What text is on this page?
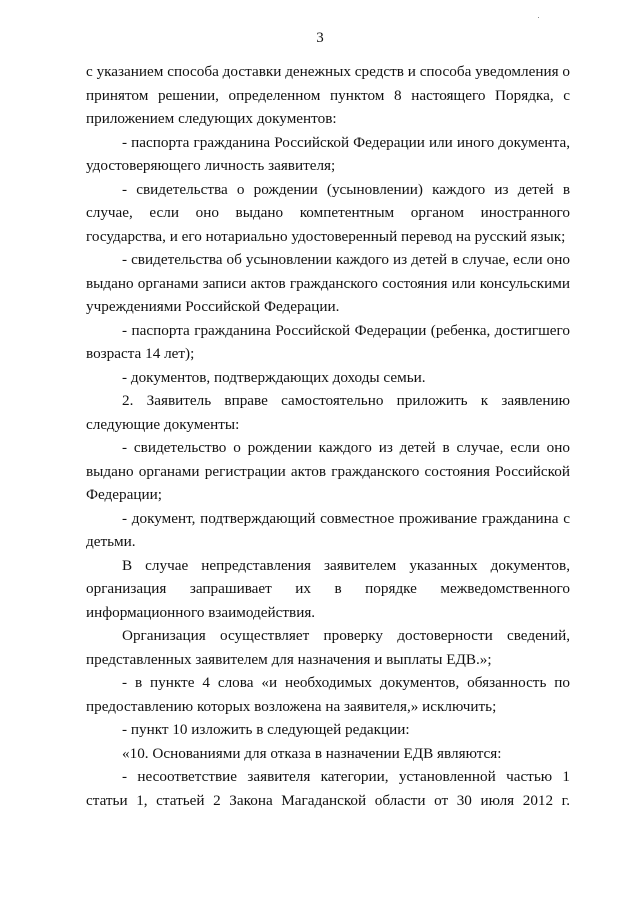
3

с указанием способа доставки денежных средств и способа уведомления о принятом решении, определенном пунктом 8 настоящего Порядка, с приложением следующих документов:

- паспорта гражданина Российской Федерации или иного документа, удостоверяющего личность заявителя;

- свидетельства о рождении (усыновлении) каждого из детей в случае, если оно выдано компетентным органом иностранного государства, и его нотариально удостоверенный перевод на русский язык;

- свидетельства об усыновлении каждого из детей в случае, если оно выдано органами записи актов гражданского состояния или консульскими учреждениями Российской Федерации.

- паспорта гражданина Российской Федерации (ребенка, достигшего возраста 14 лет);

- документов, подтверждающих доходы семьи.

2. Заявитель вправе самостоятельно приложить к заявлению следующие документы:

- свидетельство о рождении каждого из детей в случае, если оно выдано органами регистрации актов гражданского состояния Российской Федерации;

- документ, подтверждающий совместное проживание гражданина с детьми.

В случае непредставления заявителем указанных документов, организация запрашивает их в порядке межведомственного информационного взаимодействия.

Организация осуществляет проверку достоверности сведений, представленных заявителем для назначения и выплаты ЕДВ.»;

- в пункте 4 слова «и необходимых документов, обязанность по предоставлению которых возложена на заявителя,» исключить;

- пункт 10 изложить в следующей редакции:

«10. Основаниями для отказа в назначении ЕДВ являются:

- несоответствие заявителя категории, установленной частью 1 статьи 1, статьей 2 Закона Магаданской области от 30 июля 2012 г.
